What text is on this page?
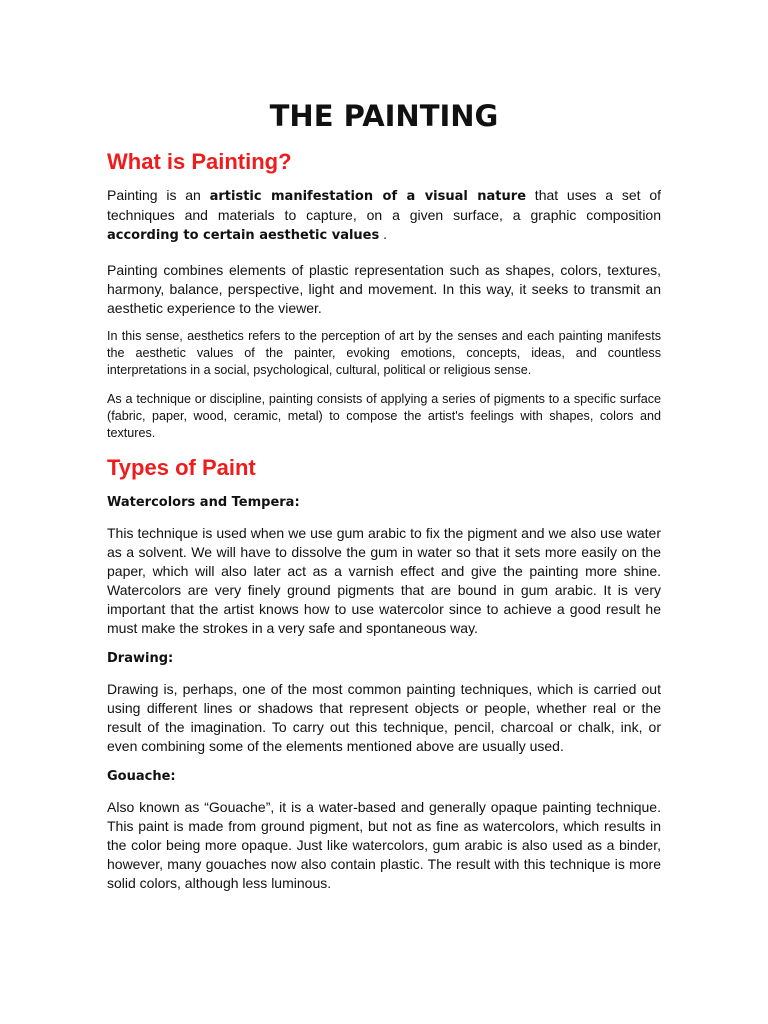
THE PAINTING
What is Painting?

Painting is an artistic manifestation of a visual nature that uses a set of techniques and materials to capture, on a given surface, a graphic composition according to certain aesthetic values .

Painting combines elements of plastic representation such as shapes, colors, textures, harmony, balance, perspective, light and movement. In this way, it seeks to transmit an aesthetic experience to the viewer.

In this sense, aesthetics refers to the perception of art by the senses and each painting manifests the aesthetic values of the painter, evoking emotions, concepts, ideas, and countless interpretations in a social, psychological, cultural, political or religious sense.

As a technique or discipline, painting consists of applying a series of pigments to a specific surface (fabric, paper, wood, ceramic, metal) to compose the artist's feelings with shapes, colors and textures.

Types of Paint
Watercolors and Tempera:

This technique is used when we use gum arabic to fix the pigment and we also use water as a solvent. We will have to dissolve the gum in water so that it sets more easily on the paper, which will also later act as a varnish effect and give the painting more shine. Watercolors are very finely ground pigments that are bound in gum arabic. It is very important that the artist knows how to use watercolor since to achieve a good result he must make the strokes in a very safe and spontaneous way.

Drawing:

Drawing is, perhaps, one of the most common painting techniques, which is carried out using different lines or shadows that represent objects or people, whether real or the result of the imagination. To carry out this technique, pencil, charcoal or chalk, ink, or even combining some of the elements mentioned above are usually used.

Gouache:

Also known as “Gouache”, it is a water-based and generally opaque painting technique. This paint is made from ground pigment, but not as fine as watercolors, which results in the color being more opaque. Just like watercolors, gum arabic is also used as a binder, however, many gouaches now also contain plastic. The result with this technique is more solid colors, although less luminous.
